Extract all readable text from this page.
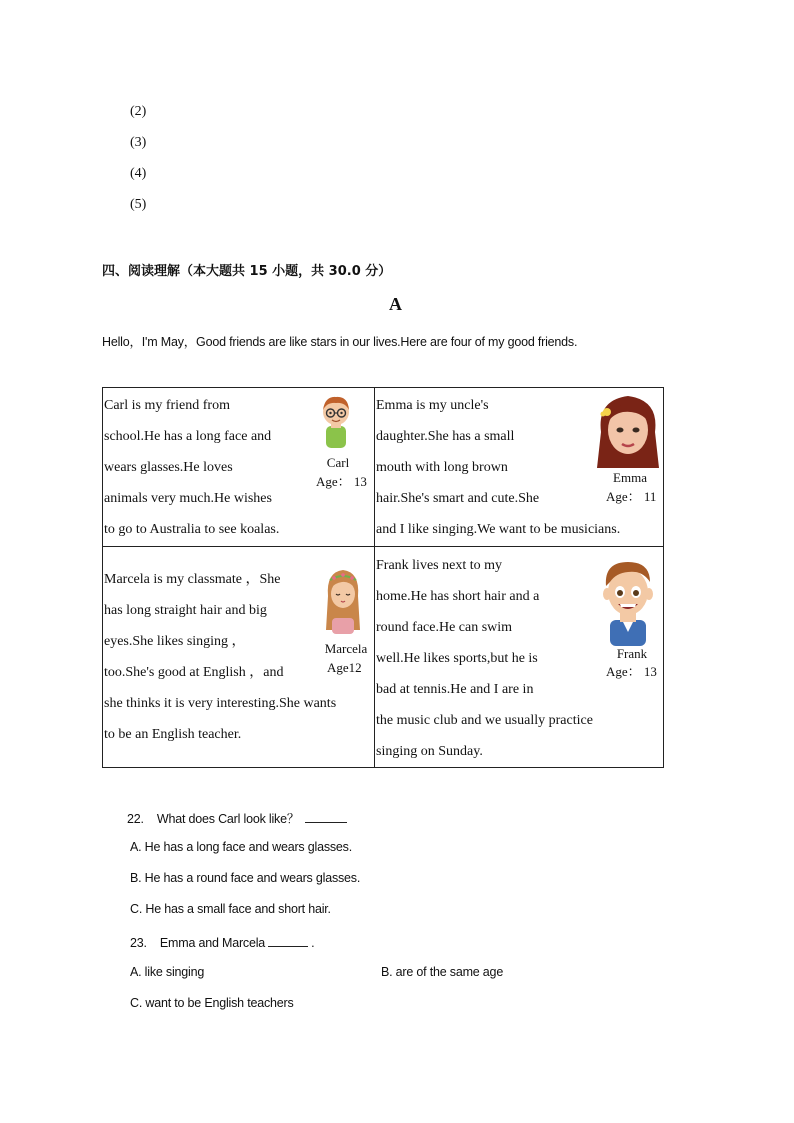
(2)
(3)
(4)
(5)
四、阅读理解（本大题共 15 小题，共 30.0 分）
A
Hello，I'm May，Good friends are like stars in our lives.Here are four of my good friends.
Carl is my friend from
school.He has a long face and
wears glasses.He loves
animals very much.He wishes
to go to Australia to see koalas.
Carl
Age： 13
Emma is my uncle's
daughter.She has a small
mouth with long brown
hair.She's smart and cute.She
and I like singing.We want to be musicians.
Emma
Age： 11
Marcela is my classmate ，She
has long straight hair and big
eyes.She likes singing ，
too.She's good at English ，and
she thinks it is very interesting.She wants
to be an English teacher.
Marcela
Age12
Frank lives next to my
home.He has short hair and a
round face.He can swim
well.He likes sports,but he is
bad at tennis.He and I are in
the music club and we usually practice
singing on Sunday.
Frank
Age： 13
22. What does Carl look like？
A. He has a long face and wears glasses.
B. He has a round face and wears glasses.
C. He has a small face and short hair.
23. Emma and Marcela	.
A. like singing	B. are of the same age
C. want to be English teachers
